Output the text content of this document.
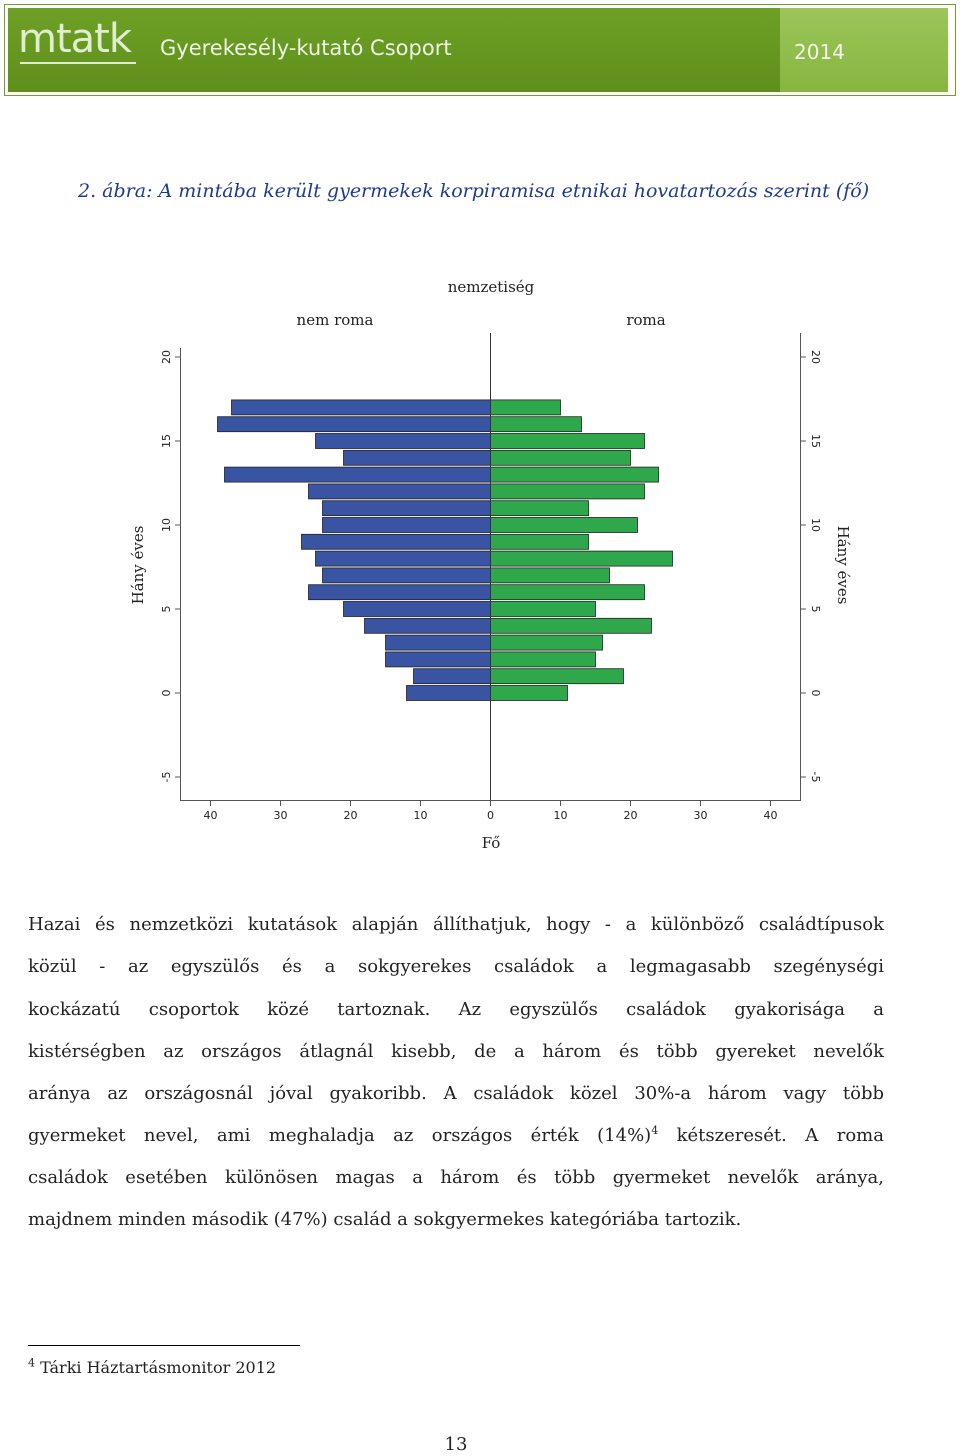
mtatk Gyerekesély-kutató Csoport	2014
2. ábra: A mintába került gyermekek korpiramisa etnikai hovatartozás szerint (fő)
nemzetiség
nem roma	roma
-5	-5
0	0
5	5
10	10
15	15
20	20
40	30	20	10	0	10	20	30	40
Hány éves	Hány éves
Fő
Hazai és nemzetközi kutatások alapján állíthatjuk, hogy - a különböző családtípusok
közül - az egyszülős és a sokgyerekes családok a legmagasabb szegénységi
kockázatú csoportok közé tartoznak. Az egyszülős családok gyakorisága a
kistérségben az országos átlagnál kisebb, de a három és több gyereket nevelők
aránya az országosnál jóval gyakoribb. A családok közel 30%-a három vagy több
gyermeket nevel, ami meghaladja az országos érték $(14\%)^4$ kétszeresét. A roma
családok esetében különösen magas a három és több gyermeket nevelők aránya,
majdnem minden második (47%) család a sokgyermekes kategóriába tartozik.
$^4$ Tárki Háztartásmonitor 2012
13
